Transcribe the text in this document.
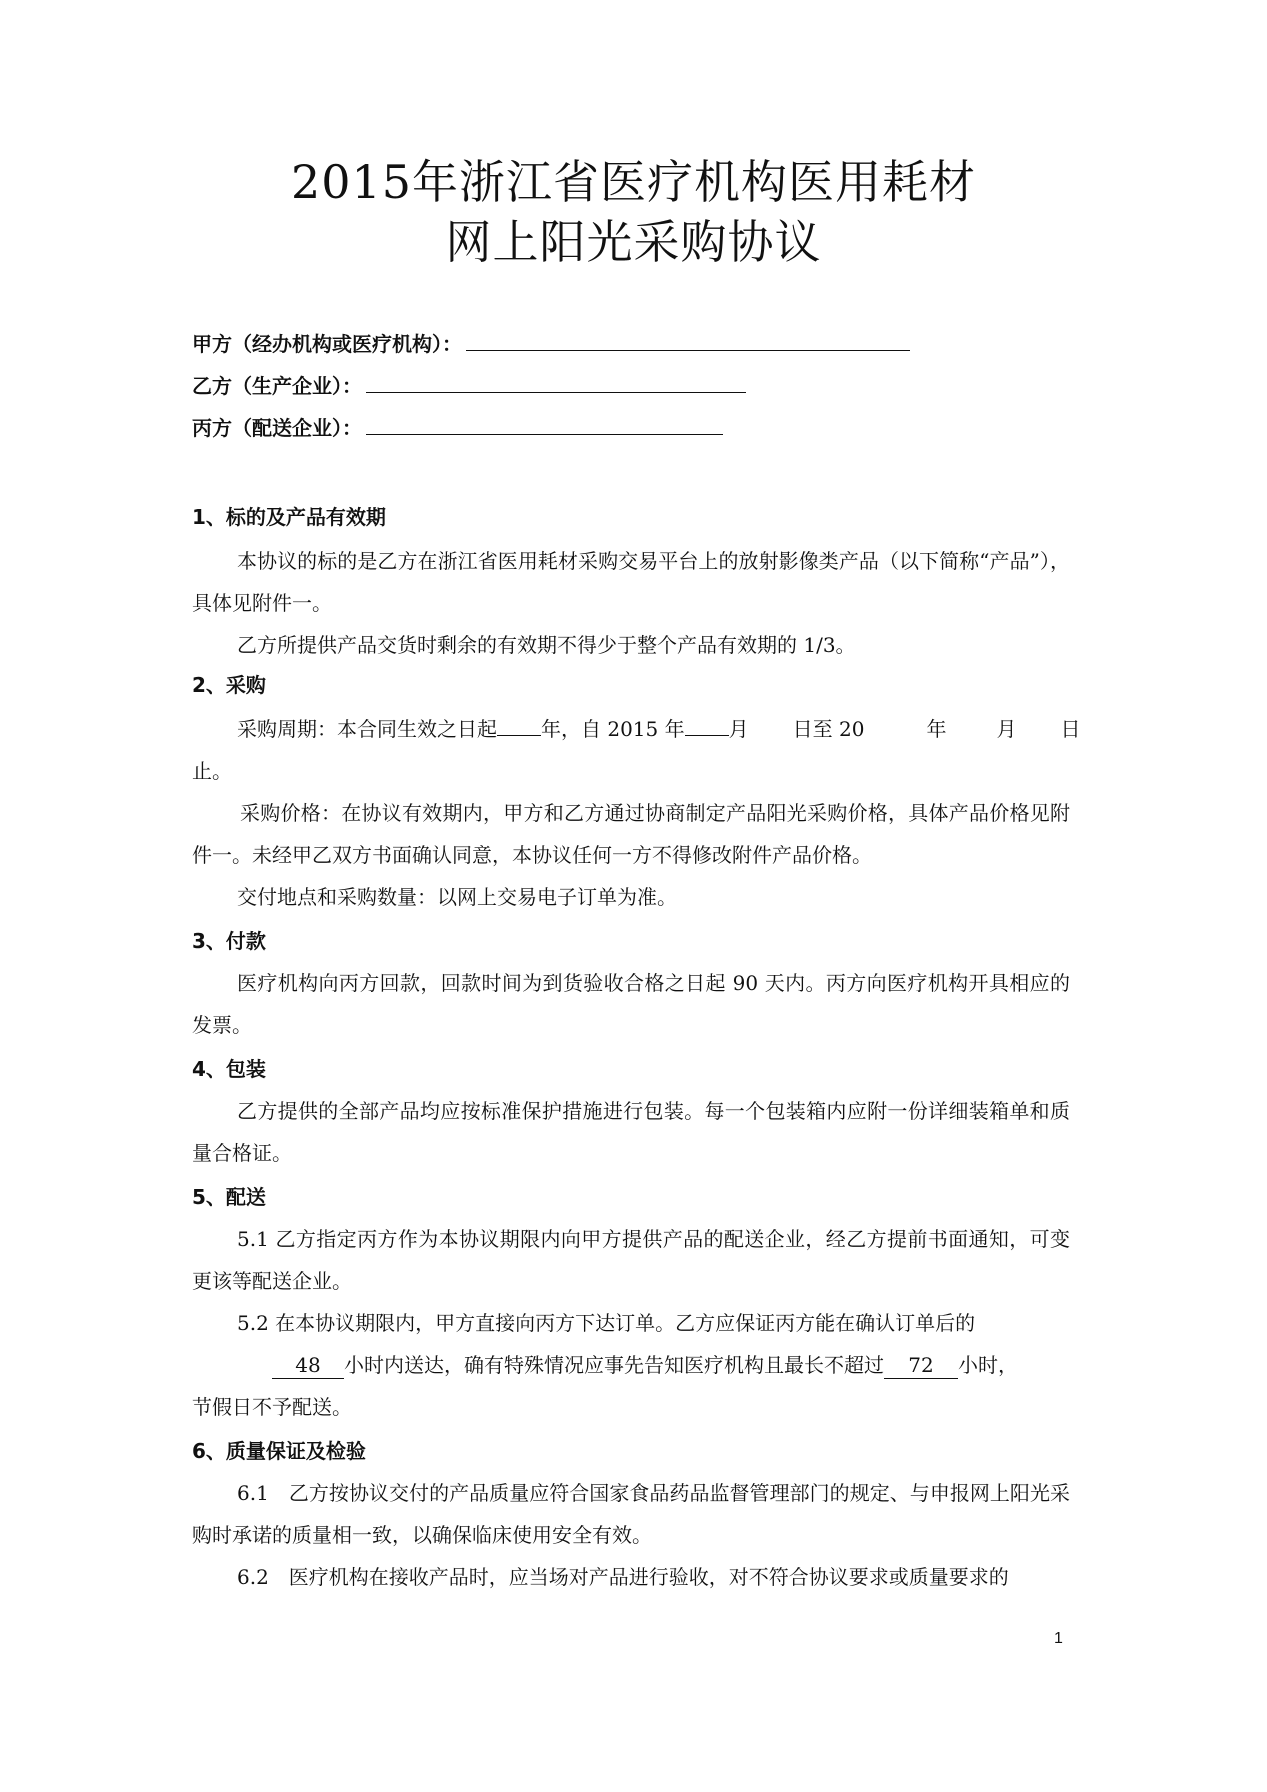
2015年浙江省医疗机构医用耗材
网上阳光采购协议
甲方（经办机构或医疗机构）：
乙方（生产企业）：
丙方（配送企业）：
1、标的及产品有效期

本协议的标的是乙方在浙江省医用耗材采购交易平台上的放射影像类产品（以下简称“产品”），具体见附件一。

乙方所提供产品交货时剩余的有效期不得少于整个产品有效期的 1/3。

2、采购

采购周期：本合同生效之日起 年，自 2015 年 月 日至 20	年	月 日

止。

采购价格：在协议有效期内，甲方和乙方通过协商制定产品阳光采购价格，具体产品价格见附件一。未经甲乙双方书面确认同意，本协议任何一方不得修改附件产品价格。

交付地点和采购数量：以网上交易电子订单为准。

3、付款

医疗机构向丙方回款，回款时间为到货验收合格之日起 90 天内。丙方向医疗机构开具相应的发票。

4、包装

乙方提供的全部产品均应按标准保护措施进行包装。每一个包装箱内应附一份详细装箱单和质量合格证。

5、配送

5.1 乙方指定丙方作为本协议期限内向甲方提供产品的配送企业，经乙方提前书面通知，可变更该等配送企业。

5.2 在本协议期限内，甲方直接向丙方下达订单。乙方应保证丙方能在确认订单后的

48 小时内送达，确有特殊情况应事先告知医疗机构且最长不超过 72 小时，

节假日不予配送。

6、质量保证及检验

6.1　乙方按协议交付的产品质量应符合国家食品药品监督管理部门的规定、与申报网上阳光采购时承诺的质量相一致，以确保临床使用安全有效。

6.2　医疗机构在接收产品时，应当场对产品进行验收，对不符合协议要求或质量要求的

1
